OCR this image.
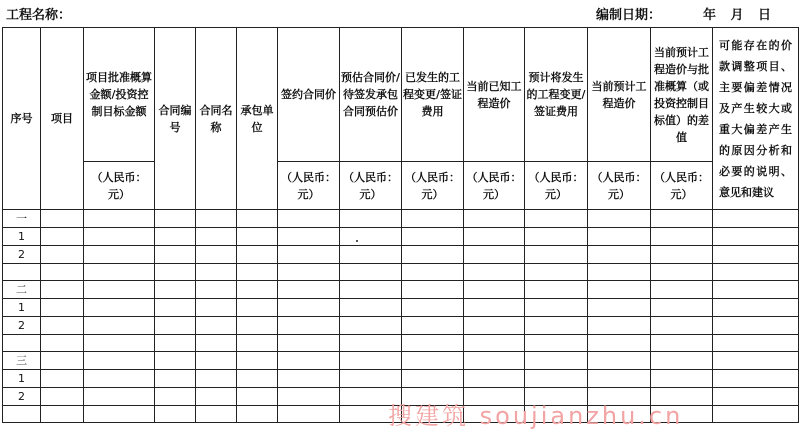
工程名称：	编制日期：	年 月 日
序号	项目	项目批准概算金额/投资控制目标金额	合同编号	合同名称	承包单位	签约合同价	预估合同价/待签发承包合同预估价	已发生的工程变更/签证费用	当前已知工程造价	预计将发生的工程变更/签证费用	当前预计工程造价	当前预计工程造价与批准概算（或投资控制目标值）的差值	可能存在的价款调整项目、主要偏差情况及产生较大或重大偏差产生的原因分析和必要的说明、意见和建议
		（人民币：元）				（人民币：元）	（人民币：元）	（人民币：元）	（人民币：元）	（人民币：元）	（人民币：元）	（人民币：元）	
一													
1													
2													

二													
1													
2													

三													
1													
2													

搜建筑 soujianzhu.cn
